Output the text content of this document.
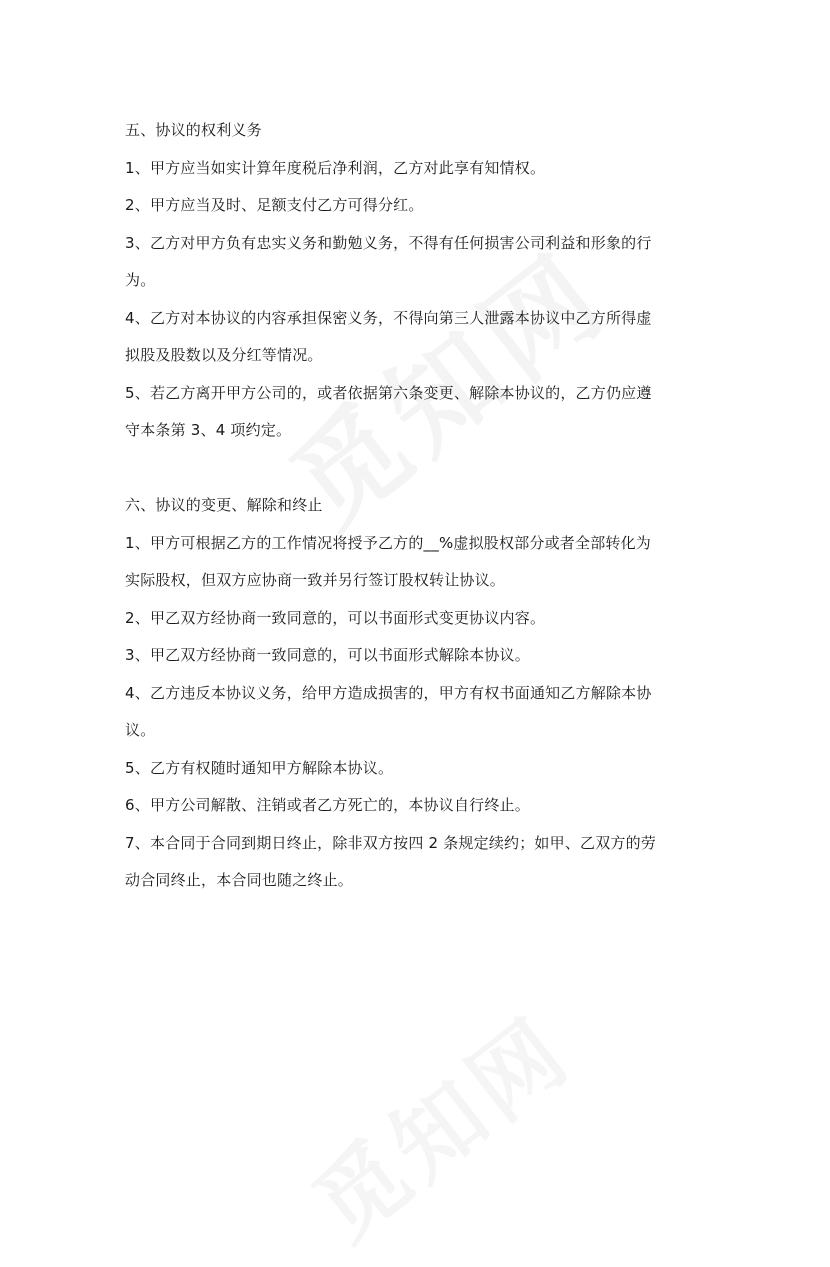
五、协议的权利义务
1、甲方应当如实计算年度税后净利润，乙方对此享有知情权。
2、甲方应当及时、足额支付乙方可得分红。
3、乙方对甲方负有忠实义务和勤勉义务，不得有任何损害公司利益和形象的行
为。
4、乙方对本协议的内容承担保密义务，不得向第三人泄露本协议中乙方所得虚
拟股及股数以及分红等情况。
5、若乙方离开甲方公司的，或者依据第六条变更、解除本协议的，乙方仍应遵
守本条第 3、4 项约定。
六、协议的变更、解除和终止
1、甲方可根据乙方的工作情况将授予乙方的__%虚拟股权部分或者全部转化为
实际股权，但双方应协商一致并另行签订股权转让协议。
2、甲乙双方经协商一致同意的，可以书面形式变更协议内容。
3、甲乙双方经协商一致同意的，可以书面形式解除本协议。
4、乙方违反本协议义务，给甲方造成损害的，甲方有权书面通知乙方解除本协
议。
5、乙方有权随时通知甲方解除本协议。
6、甲方公司解散、注销或者乙方死亡的，本协议自行终止。
7、本合同于合同到期日终止，除非双方按四 2 条规定续约；如甲、乙双方的劳
动合同终止，本合同也随之终止。
